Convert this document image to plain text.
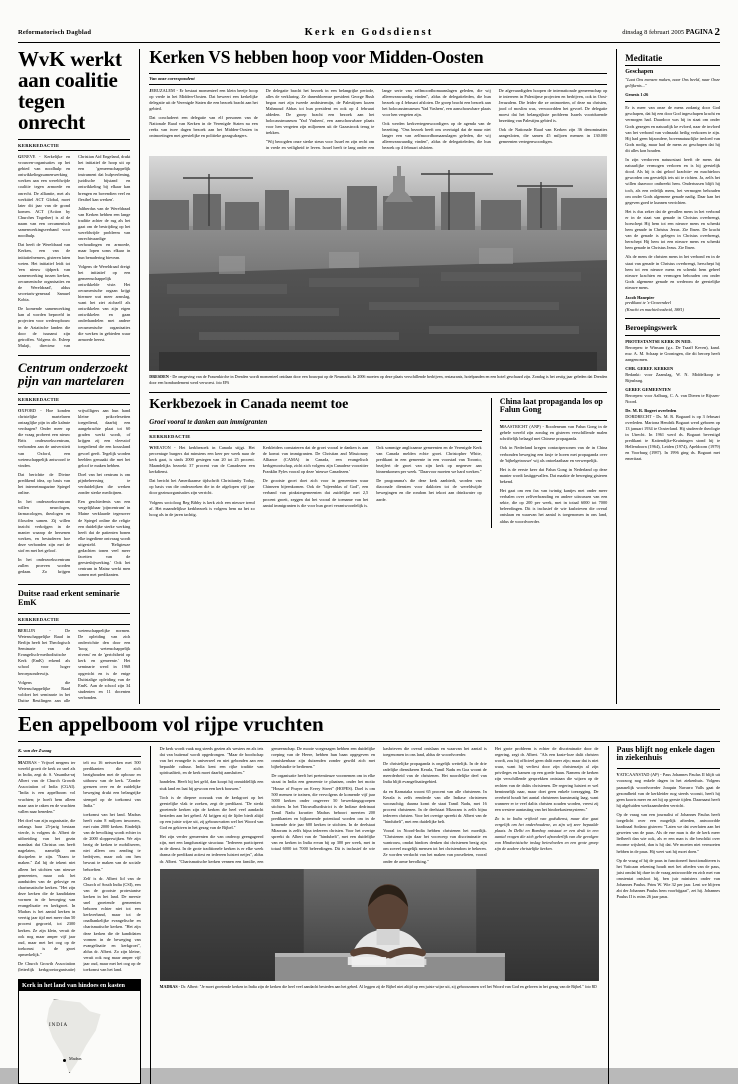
Reformatorisch Dagblad	Kerk en Godsdienst	dinsdag 8 februari 2005 PAGINA 2
WvK werkt aan coalitie tegen onrecht
KERKREDACTIE

GENEVE - Kerkelijke en vrouwen-organisaties op het gebied van noodhulp en ontwikkelingssamenwerking werken aan een wereldwijde coalitie tegen armoede en onrecht. De alliantie, met als werktitel ACT Global, moet later dit jaar van de grond komen. ACT (Action by Churches Together) is al de naam van een oecumenisch samenwerkingsverband voor noodhulp.

Dat heeft de Wereldraad van Kerken, een van de initiatiefnemers, gisteren laten weten. Het initiatief leidt tot 'een nieuw tijdperk van samenwerking tussen kerken, oecumenische organisaties en de Wereldraad', aldus secretaris-generaal Samuel Kobia.

De komende samenwerking kan al worden beproefd in projecten voor wederopbouw in de Aziatische landen die door de tsunami zijn getroffen. Volgens dr. Esleep Mulaji, directeur van Christian Aid Engeland, drukt het initiatief de hoop uit op een 'gemeenschappelijk instrument dat hulpverlening, juridische bijstand en ontwikkeling bij elkaar kan brengen en bovendien veel en flexibel kan werken'.

Jaliberdus van de Wereldraad van Kerken hebben een lange traditie achter de rug als het gaat om de bestrijding op het wereldwijde probleem van onrechtvaardige verhoudingen en armoede, maar lopen soms elkaar in hun benadering bievean.

Volgens de Wereldraad dreigt het initiatief op een gemeenschappelijk ontwikkelde visie. Het oecumenische orgaan krijgt hiermee wat meer armslag, want het ziet zichzelf als ontwikkelen van zijn eigen ontwikkelen en gaan onderhandelen met andere oecumenische organisaties die werken in gebieden waar armoede heerst.

Centrum onderzoekt pijn van martelaren
KERKREDACTIE

OXFORD - Hoe konden christelijke martelaren ontzaglijke pijn in alle kalmte verdragen? Onder meer op die vraag probeert een nieuw Brits onderzoekscentrum, verbonden aan de universiteit van Oxford, een wetenschappelijk antwoord te vinden.

Dat berichtte de Divine predikend idea, op basis van het internetmagazine Spiegel online.

In het onderzoekscentrum willen neurologen, farmacologen, theologen en filosofen samen. Zij willen inzicht verkrijgen in de manier waarop de hersenen werken, en bestuderen hoe deze verbonden zijn met de stof en met het geloof.

In het onderzoekscentrum zullen proeven worden gedaan. Zo krijgen vrijwilligers aan hun hand kleine prikcelexetten toegediend, daarbij een aangebrachte plaat tot 60 graden werkt wordt, of krijgen zij een vleesstof toegediend die een koussland gevoel geeft. Tegelijk worden beelden gemaakt die met het geloof te maken hebben.

Doel van het centrum is om pijnbeheersing te verduidelijken die werken zonder sterke medicijnen.

Een geschiedenis van een vergelijkbaar 'pijncentrum' in Maine verklaarde tegenover de Spiegel online die religie een duidelijke sterke werking heeft dat de patienten bonen elke ingediene ontvraag wordt uitgesteld. 'Religieuze gedachten tonen veel meer facetten van de geestesbijwerking.' Ook het centrum in Mainz werkt men samen met predikanten.

Duitse raad erkent seminarie EmK
KERKREDACTIE

BERLIJN - De Wetenschappelijke Raad in Berlijn heeft het Theologisch Seminarie van de Evangelisch-methodistische Kerk (EmK) erkend als school voor hoger beroepsonderwijs.

Volgens die Wetenschappelijke Raad voldoet het seminarie in het Duitse Reutlingen aan alle wetenschappelijke normen. De opleiding van zich onderrichtte den door een 'hoog wetenschappelijk niveau' en de 'gerichtheid op kerk en gemeente.' Het seminarie werd in 1968 opgericht en is de enige Duitstalige opleiding van de EmK. Aan de school zijn 34 studenten en 11 docenten verbonden.

Kerken VS hebben hoop voor Midden-Oosten
Van onze correspondent

JERUZALEM - Er bestaat momenteel een klein beetje hoop op vrede in het Midden-Oosten. Dat beweert een kerkelijke delegatie uit de Verenigde Staten die een bezoek bracht aan het gebied.

Dat concludeert een delegatie van elf personen van de Nationale Raad van Kerken in de Verenigde Staten na een reeks van twee dagen bezoek aan het Midden-Oosten in ontmoetingen met geestelijke en politieke gezagsdragers.

De delegatie bracht het bezoek in een belangrijke periode, alles de verklaring. Ze danenbloemse president George Bush begon met zijn tweede ambtstermijn, de Palestijnen kozen Mahmoud Abbas tot hun president en ook op 4 februari afdeden. De groep bracht een bezoek aan het holocaustmuseum 'Yad Vashem', een aanschouwbare plaats voor hen vergeten zijn miljoenen uit de Gazastrook terug te trekken.

"Wij beoogden onze sterke steun voor Israel en zijn recht om in vrede en veiligheid te leven. Israel heeft te lang onder een lange serie van zelfmoordbomaanslagen geleden, die wij alleenvanwaardig vinden", aldus de delegatieleden, die hun bezoek op 4 februari afsloten. De groep bracht een bezoek aan het holocaustmuseum 'Yad Vashem', een aanschouwbare plaats voor hen vergeten zijn.

Ook werden kerkvertegenwoordigers op de agenda van de bezetting. "Ons bezoek heeft ons overtuigd dat de muur niet langer een van zelfmoordbomaanslagen geleden, die wij alleenvanwaardig vinden", aldus de delegatieleden, die hun bezoek op 4 februari afsloten.

De afgevaardigden hoopen de internationale gemeenschap op te intereren in Palestijnse projecten en bedrijven, ook in Oost-Jeruzalem. Die leider die ze ontmoetten, of deze nu christen, jood of moslim was, verwoordden het gevoel. De delegatie moest dat het belangrijkste probleem Israels voortdurende bezetting van Palestijns gebied is.

Ook de Nationale Raad van Kerken zijn 36 denominaties aangesloten, die samen 45 miljoen mensen in 130.000 gemeenten vertegenwoordigen.

DRESDEN - De omgeving van de Frauenkirche in Dresden wordt momenteel ontdaan door een bouwput op de Neumarkt. In 2006 moeten op deze plaats verschillende bedrijven, restaurants, hotelpanden en een hotel geschaard zijn. Zondag is het zestig jaar geleden dat Dresden door een bombardement werd verwoest. foto EPA
Kerkbezoek in Canada neemt toe
Groei vooral te danken aan immigranten
KERKREDACTIE

WHEATON - Het kerkbezoek in Canada stijgt. Het percentage burgers dat minstens een keer per week naar de kerk gaat, is sinds 2000 gestegen van 20 tot 25 procent. Maandelijks bezoekt 37 procent van de Canadezen een kerkdienst.

Dat bericht het Amerikaanse tijdschrift Christianity Today, op basis van die onderzoeken die in de afgelopen vijf jaar door gezinsorganisaties zijn verricht.

Volgens socioloog Reg Bibby is kerk zich een nieuwe trend af. Het maandelijkse kerkbezoek is volgens hem na het zo hoog als in de jaren tachtig.

Kerkleiders constateren dat de groei vooral te danken is aan de komst van immigranten. De Christian and Missionary Alliance (CAMA) in Canada, een evangelisch kerkgenootschap, zicht zich volgens zijn Canadese voorzitter Franklin Pyles vooral op deze 'nieuwe Canadezen.'

De grootste groei doet zich voor in gemeenten waar Chinezen bijeenkomen. Ook de "bijeenblas of God", een verband van pinkstergemeenten dat zuidelijke met 2,5 procent groeit, zeggen dat het vooral de toename van het aantal immigranten is die voor hun groei verantwoordelijk is.

Ook sommige anglicaanse gemeenten en de Verenigde Kerk van Canada melden echte groei. Christopher White, predikant in een gemeente in een voorstad van Toronto, bezijfert de groei van zijn kerk op negenver aan binnenkomen per week. "Daarvoor moeten we hard werken."

De programma's die deze kerk aanbiedt, worden van diaconale diensten voor dakloten tot de wereldwijde bewegingen en die rondom het tekort aan drinkwater op aarde.

China laat propaganda los op Falun Gong

MAASTRICHT (ANP) - Roodeneum van Falun Gong in de gehele wereld zijn zondag en gisteren verschillende malen schriftelijk belaagd met Chinese propaganda.

Ook in Nederland kregen contactpersonen van de in China verbonden beweging een faxje te horen met propaganda over de 'bijbelgetrouwe' wij als ontoelaatbaar en verwerpelijk.

Het is de eerste keer dat Falun Gong in Nederland op deze manier wordt lastiggevallen. Dat maakte de beweging gisteren bekend.

Het gaat om een fax van twintig kantjes met onder meer verhalen over zelfverbranding en andere uitwassen van een sekte, die op 200 per week, met in totaal 6000 tot 7000 beleerdingen. Dit is inclusief de wie kasbrieven die overal ontslaan en waarvan het aantal is toegenomen in ons land, aldus de woordvoerder.

Meditatie
Geschapen

"Laat Ons mensen maken, naar Ons beeld, naar Onze gelijkenis..."

Genesis 1:26

Er is meer van onze de mens zodanig door God geschapen, dat hij een door God ingeschapen kracht en vermogen had. Daardoor was hij in staat om onder Gods gezegen en natuurlijk ke evloed, naar de invloed van het verbond van volmaakt heilig verkozen te zijn. Hij had geen bijzondere, bovennatuurlijke invloed van Gods nodig, maar had de mens zo geschapen dat hij dit alles kon houden.

In zijn verdorven natuurstaat heeft de mens dat natuurlijke vermogen verloren en is hij geestelijk dood. Als hij is dat geloof krachtte- en machteloos geworden om geestelijk iets uit te richten. Ja, zelfs het willen daarvoor ontbreekt hem. Ondertussen blijft hij toch, als een redelijk mens, het vermogen behouden om onder Gods algemene genade nadig. Daar kan het gegeven goed te kunnen verrichten.

Het is dus zeker dat de gevallen mens in het verbond er in de staat van genade in Christus overbrengt, hoeschept Hij hem tot een nieuwe mens en schenkt hem genade in Christus Jezus. Zie Ibsen. De kracht van de genade is gelegen in Christus overbrengt, herschept Hij hem tot een nieuwe mens en schenkt hem genade in Christus Jezus. Zie Ibsen.

Als de mens de christen mens in het verbond en in de staat van genade in Christus overbrengt, herschept hij hem tot een nieuwe mens en schenkt hem geheel nieuwe krachten en vermogen behouden om onder Gods algemene genade en wederom de geestelijke nieuwe mens.

Jacob Hanepier
predikant te 's-Gravendeel
(Kracht en machteloosheid, 1881)
Beroepingswerk
PROTESTANTSE KERK IN NED.

Beroepen: te Winsum (g.s. De Tsaaff Keven), kand. mw. A. M. Schaap te Groningen, die dit beroep heeft aangenomen.

CHR. GEREF. KERKEN

Bedankt: voor Zaanslag, W. N. Middelkoop te Rijnsburg.

GEREF. GEMEENTEN

Beroepen: voor Aalburg, C. A. van Dieren te Rijssen-Noord.

De. M. R. Bogert overleden

DORDRECHT - Ds. M. R. Bogaard is op 3 februari overleden. Mariona Hendrik Bogaart werd geboren op 13 januari 1934 te Oosterland. Hij studeerde theologie in Utrecht. In 1961 werd ds. Bogaart bevestigd predikant te Kattendijke-Kruiningen stond hij te Hellendoorn (1964), Leiden (1974), Apeldoorn (1979) en Voorburg (1987). In 1996 ging ds. Bogaart met emeritaat.

Een appelboom vol rijpe vruchten
K. van der Zwaag

MADRAS - Vrijwel nergens ter wereld groeit de kerk zo snel als in India, zegt dr. S. Vasantha-raj Albert van de Church Growth Association of India (CGAI). "India is een appelboom vol vruchten; je hoeft hem alleen maar aan te raken en de vruchten vallen naar beneden."

Het doel van zijn organisatie, die onlangs haar 25-jarig bestaan vierde, is volgens dr. Albert de uitbreiding van het gezin mandaat dat Christus ons heeft nagelaten, namelijk om discipelen te zijn. "Naam te maken." Zal hij de tekent niet alleen het stichten van nieuwe gemeenten, maar ook het aanduiden van de gelovige en charismatische kerken. "Het zijn deze kerken die de kandidaten vormen in de beweging van evangelisatie en kerkgroei. In Madras is het aantal kerken in veertig jaar tijd met meer dan 50 procent gegroeid, tot 2300 kerken. Ze zijn klein, veruit de ook nog maar amper vijf jaar oud, maar met het oog op de toekomst is de groei opmerkelijk."

De Church Growth Association (letterlijk kerkgroeiorganisatie) telt nu 16 netwerken met 500 predikanten die zich bezighouden met de opbouw en uitbouw van de kerk. "Zonder grenzen over en de zuidelijke beweging drukt een belangrijke stempel op de toekomst van India."

toekomst van het land. Madras heeft ruim 8 miljoen inwoners, met ruim 2000 kerken. Eindelijk van de bevolking wordt echter in de 2000 slopperwijken. We zijn bezig de kerken te mobiliseren, niet alleen om zending te bedrijven, maar ook om hen bewust te maken van de sociale behoeften."

Zelf is dr. Albert lid van de Church of South India (CSI), een van de grootste protestantse kerken in het land. De meeste snel groeiende gemeenten behoren echter niet tot een kerkverband, maar tot de onafhankelijke evangelische en charismatische kerken. "Het zijn deze kerken die de kandidaten vormen in de beweging van evangelisatie en kerkgroei", aldus dr. Albert. Zo zijn kleine, veruit ook nog maar amper vijf jaar oud, maar met het oog op de toekomst van het land.

Kerk in het land van hindoes en kasten
INDIA
Madras

De kerk wordt vaak nog steeds gezien als westers en als iets dat van buitenaf wordt opgedrongen. "Maar de boodschap van het evangelie is universeel en niet gebonden aan een bepaalde cultuur. India kent een rijke traditie van spiritualiteit, en de kerk moet daarbij aansluiten."

handelen. Heeft hij het geld, dan koopt hij onmiddellijk een stuk land en laat hij gewoon een kerk bouwen."

Toch is de diepere oorzaak van de kerkgroei op het geestelijke vlak te zoeken, zegt de predikant. "De sterkt groeiende kerken zijn de kerken die heel veel aandacht besteden aan het gebed. Al krijgen zij de lijder biedt altijd op een juiste wijze uit, zij gebouwvatten wel het Woord van God en gekiven in het gezag van de Bijbel."

Het zijn verder gemeenten die van onderop geengageerd zijn, met een langdurratige structuur. "Iedereen participeert in de dienst. In de grote traditionele kerken is er elke week drama de predikant actiest en iedereen luistert netjes", aldus dr. Albert. "Charismatische kerken vennen een familie, een gemeenschap. De mooie voegezagen hebben een duidelijke roeping van de Heere, hebben hun baan opgegeven en onmiskenbaar zijn duizenden zonder gewild zich met bijbelstudie te bedienen."

De organisatie heeft het pretentieuze voornemen om in elke straat in India een gemeente te plaatsen, onder het motto "House of Prayer on Every Street" (HOPES). Doel is om 500 mensen te trainen, die vervolgens de komende vijf jaar 5000 kerken onder ongeveer 50 bewerkingsgroepen stichten. In het Thiruvallurdistrict is de Indiase dedrinaat Tamil Nadu kwartier Madras behoort meerten 200 predikanten en bijkomende potentiaal worden om in de komende drie jaar 600 kerken te stichten. In de deelstaat Mizoram is zelfs bijna iedereen christen. Voor het overige spreekt dr. Albert van de "hindubelt", met een duidelijke van en kerken in India ervan bij op 300 per week, met in totaal 6000 tot 7000 beleerdingen. Dit is inclusief de wie kasbrieven die overal ontslaan en waarvan het aantal is toegenomen in ons land, aldus de woordvoerder.

De christelijke propaganda is ongelijk wettelijk. In de drie radelijke dienstkeren Kerala, Tamil Nadu en Goa woont de meerderheid van de christenen. Het noordelijke deel van India blijft evangelisatiegebied.

da en Karnataka woont 65 procent van alle christenen. In Kerala is zelfs eenderde van alle Indiase christenen woonachtig; daarna komt de staat Tamil Nadu, met 16 procent christenen. In de deelstaat Mizoram is zelfs bijna iedereen christen. Voor het overige spreekt dr. Albert van de "hindubelt", met een duidelijke belt.

Vooral in Noord-India hebben christenen het moeilijk. "Christenen zijn daar het voorwerp van discriminatie en wantrouw, omdat hindoes denken dat christenen bezig zijn om zoveel mogelijk mensen tot het christendom te bekeren. Ze worden verdacht van het maken van proselieten, vooral onder de arme bevolking."

Het grote probleem is echter de discriminatie door de regering, zegt dr. Albert. "Als een kaste-loze dalit christen wordt, zou hij officieel geen dalit meer zijn; maar dat is niet waar, want hij verliest door zijn christenzijn al zijn privileges en kansen op een goede baan. Namens de kerken zijn verschillende gesprekken ontstaan die wijzen op de rechten van de dalits christenen. De regering luistert er wel beminnelijk naar, maar doet geen enkele toezegging. De overheid houdt het aantal christenen kunstmatig laag, want wanneer er te veel dalits christen zouden worden, vreest zij een westere aantasting van het hindoekastensysteem."

Zo is in India vrijheid van godsdienst, maar doe gaat vergelijk om het onderhoudene, zo zijn wij zeer bepaalde plaats. In Delhi en Bombay ontstaat er een druk in een aantal vragen die zich geheel afzonderlijk van die gevolgen van Hindoeistische inslag beinvloeden en een grote groep zijn de andere christelijke kerken.

MADRAS - Dr. Albert: "Je moet groeiende kerken in India zijn de kerken die heel veel aandacht besteden aan het gebed. Al leggen zij de Bijbel niet altijd op een juiste wijze uit, zij gehoorzamen wel het Woord van God en geloven in het gezag van de Bijbel." foto RD
Paus blijft nog enkele dagen in ziekenhuis

VATICAANSTAD (AP) - Paus Johannes Paulus II blijft uit voorzorg nog enkele dagen in het ziekenhuis. Volgens paauselijk woordvoerder Joaquin Navarro Valls gaat de gezondheid van de kerkleider nog steeds vooruit, heeft hij geen koorts meer en zet hij op geeste tijden. Daarnaast heeft hij algeluiden werkzaamheden verricht.

Op de vraag van een journalist of Johannes Paulus heeft toegelicht over een mogelijk aftreden, antwoordde kardinaal Sodano gisteren: "Laten we dat overlaten aan het geweten van de paus. Als de ene man is die de kerk meer liefheeft dan wie ook, als er een man is die beschikt over enorme wijsheid, dan is hij dat. We moeten niet vermoeien hebben in de paus. Hij weet wat hij moet doen."

Op de vraag of hij de paus in functioneel functionaliteren is het Vaticaan rekening houdt met het afteden van de paus, juist omdat bij dure in de vraag antwoordde en zich met van omstentat ontsloot hij, ben juir ministers onder van Johannes Paulus. Prins W. Wie 32 per jaar. Leni we blijven abt der Johannes Paulus hem voorbijgaat", zei hij. Johannes Paulus II is rnins 26 jaar paus.
